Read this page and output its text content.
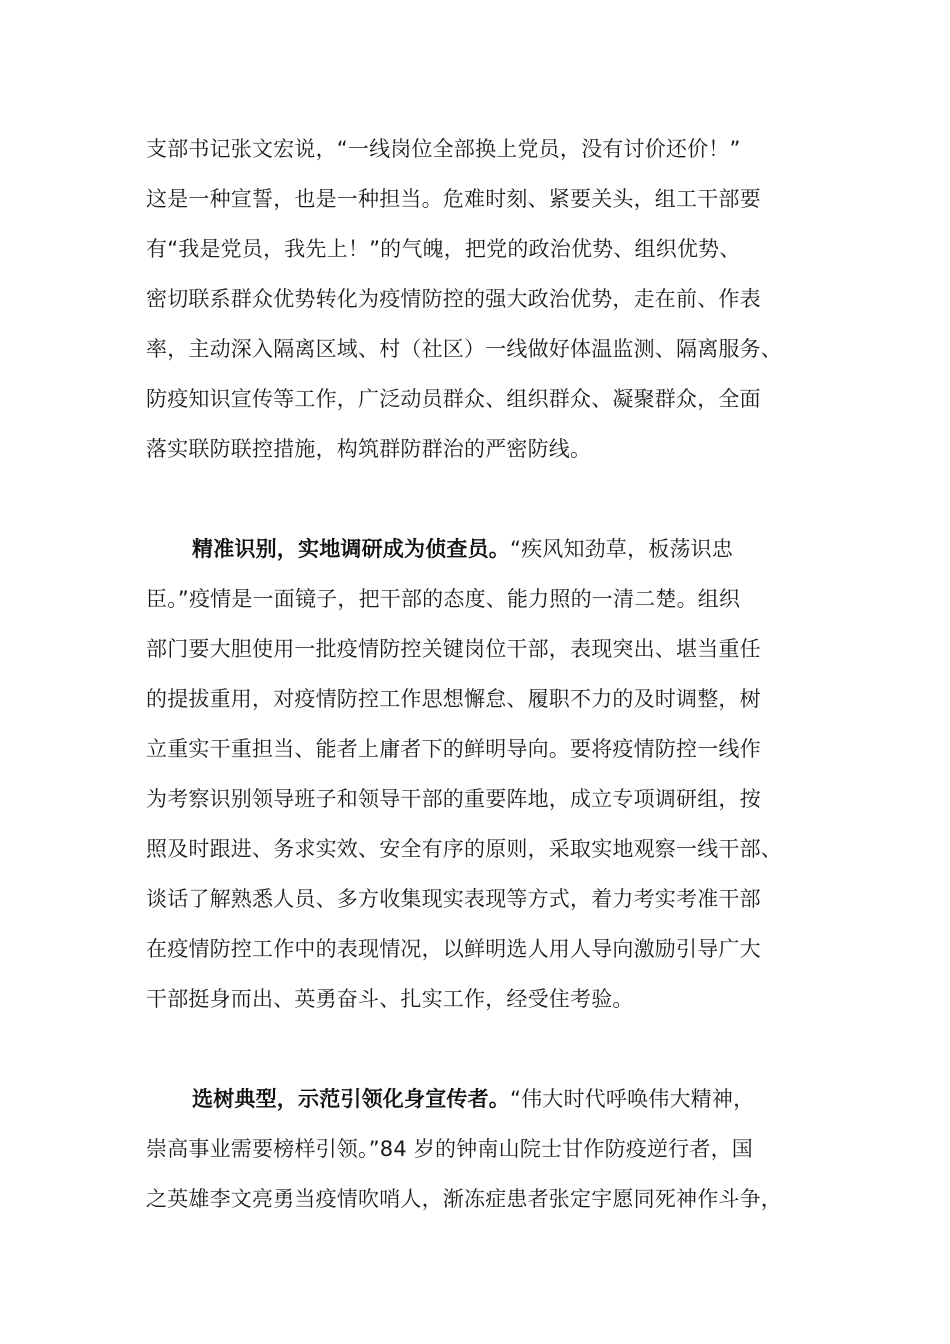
支部书记张文宏说，“一线岗位全部换上党员，没有讨价还价！”
这是一种宣誓，也是一种担当。危难时刻、紧要关头，组工干部要
有“我是党员，我先上！”的气魄，把党的政治优势、组织优势、
密切联系群众优势转化为疫情防控的强大政治优势，走在前、作表
率，主动深入隔离区域、村（社区）一线做好体温监测、隔离服务、
防疫知识宣传等工作，广泛动员群众、组织群众、凝聚群众，全面
落实联防联控措施，构筑群防群治的严密防线。
精准识别，实地调研成为侦查员。“疾风知劲草，板荡识忠
臣。”疫情是一面镜子，把干部的态度、能力照的一清二楚。组织
部门要大胆使用一批疫情防控关键岗位干部，表现突出、堪当重任
的提拔重用，对疫情防控工作思想懈怠、履职不力的及时调整，树
立重实干重担当、能者上庸者下的鲜明导向。要将疫情防控一线作
为考察识别领导班子和领导干部的重要阵地，成立专项调研组，按
照及时跟进、务求实效、安全有序的原则，采取实地观察一线干部、
谈话了解熟悉人员、多方收集现实表现等方式，着力考实考准干部
在疫情防控工作中的表现情况，以鲜明选人用人导向激励引导广大
干部挺身而出、英勇奋斗、扎实工作，经受住考验。
选树典型，示范引领化身宣传者。“伟大时代呼唤伟大精神，
崇高事业需要榜样引领。”84 岁的钟南山院士甘作防疫逆行者，国
之英雄李文亮勇当疫情吹哨人，渐冻症患者张定宇愿同死神作斗争，
